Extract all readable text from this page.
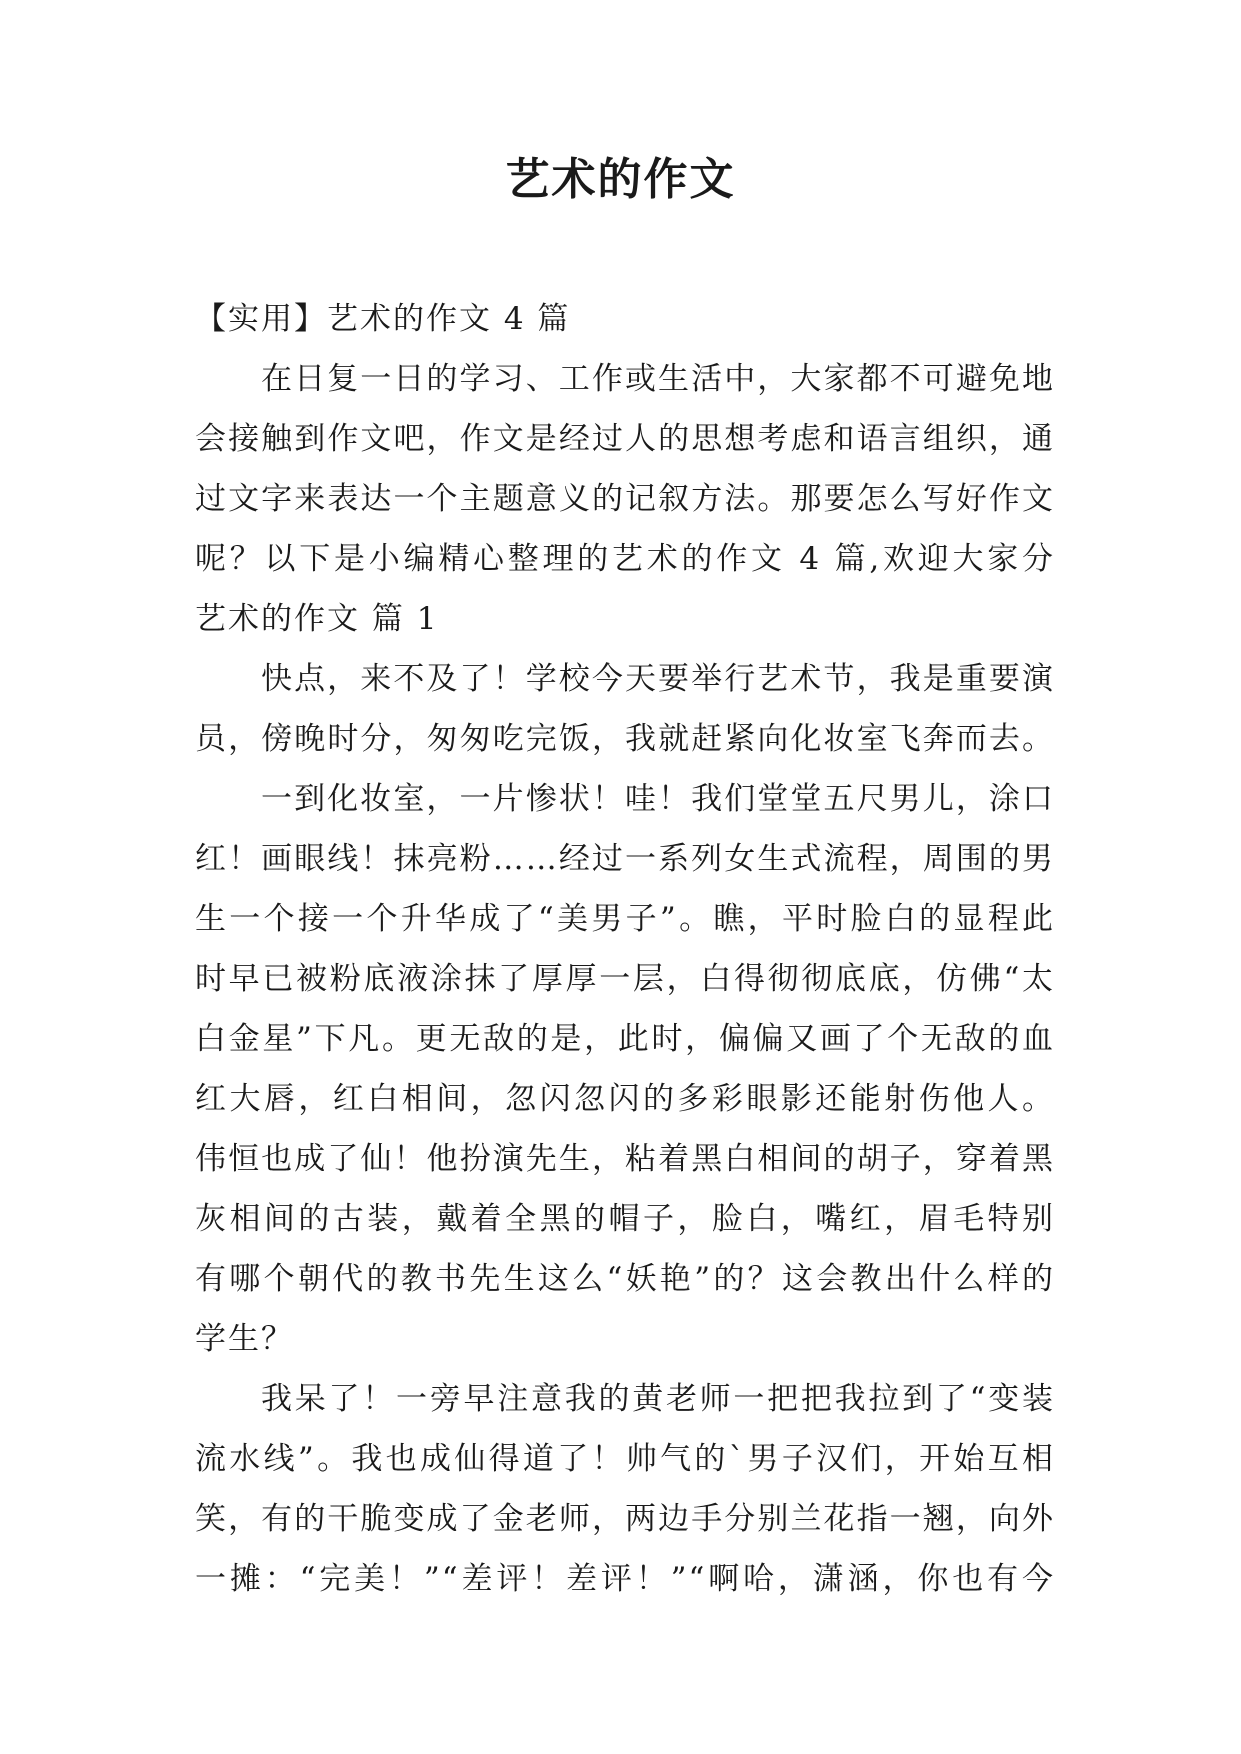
艺术的作文
【实用】艺术的作文 4 篇
在日复一日的学习、工作或生活中，大家都不可避免地
会接触到作文吧，作文是经过人的思想考虑和语言组织，通
过文字来表达一个主题意义的记叙方法。那要怎么写好作文
呢？以下是小编精心整理的艺术的作文 4 篇,欢迎大家分
艺术的作文 篇 1
快点，来不及了！学校今天要举行艺术节，我是重要演
员，傍晚时分，匆匆吃完饭，我就赶紧向化妆室飞奔而去。
一到化妆室，一片惨状！哇！我们堂堂五尺男儿，涂口
红！画眼线！抹亮粉……经过一系列女生式流程，周围的男
生一个接一个升华成了“美男子”。瞧，平时脸白的显程此
时早已被粉底液涂抹了厚厚一层，白得彻彻底底，仿佛“太
白金星”下凡。更无敌的是，此时，偏偏又画了个无敌的血
红大唇，红白相间，忽闪忽闪的多彩眼影还能射伤他人。
伟恒也成了仙！他扮演先生，粘着黑白相间的胡子，穿着黑
灰相间的古装，戴着全黑的帽子，脸白，嘴红，眉毛特别
有哪个朝代的教书先生这么“妖艳”的？这会教出什么样的
学生？
我呆了！一旁早注意我的黄老师一把把我拉到了“变装
流水线”。我也成仙得道了！帅气的`男子汉们，开始互相
笑，有的干脆变成了金老师，两边手分别兰花指一翘，向外
一摊：“完美！”“差评！差评！”“啊哈，潇涵，你也有今
